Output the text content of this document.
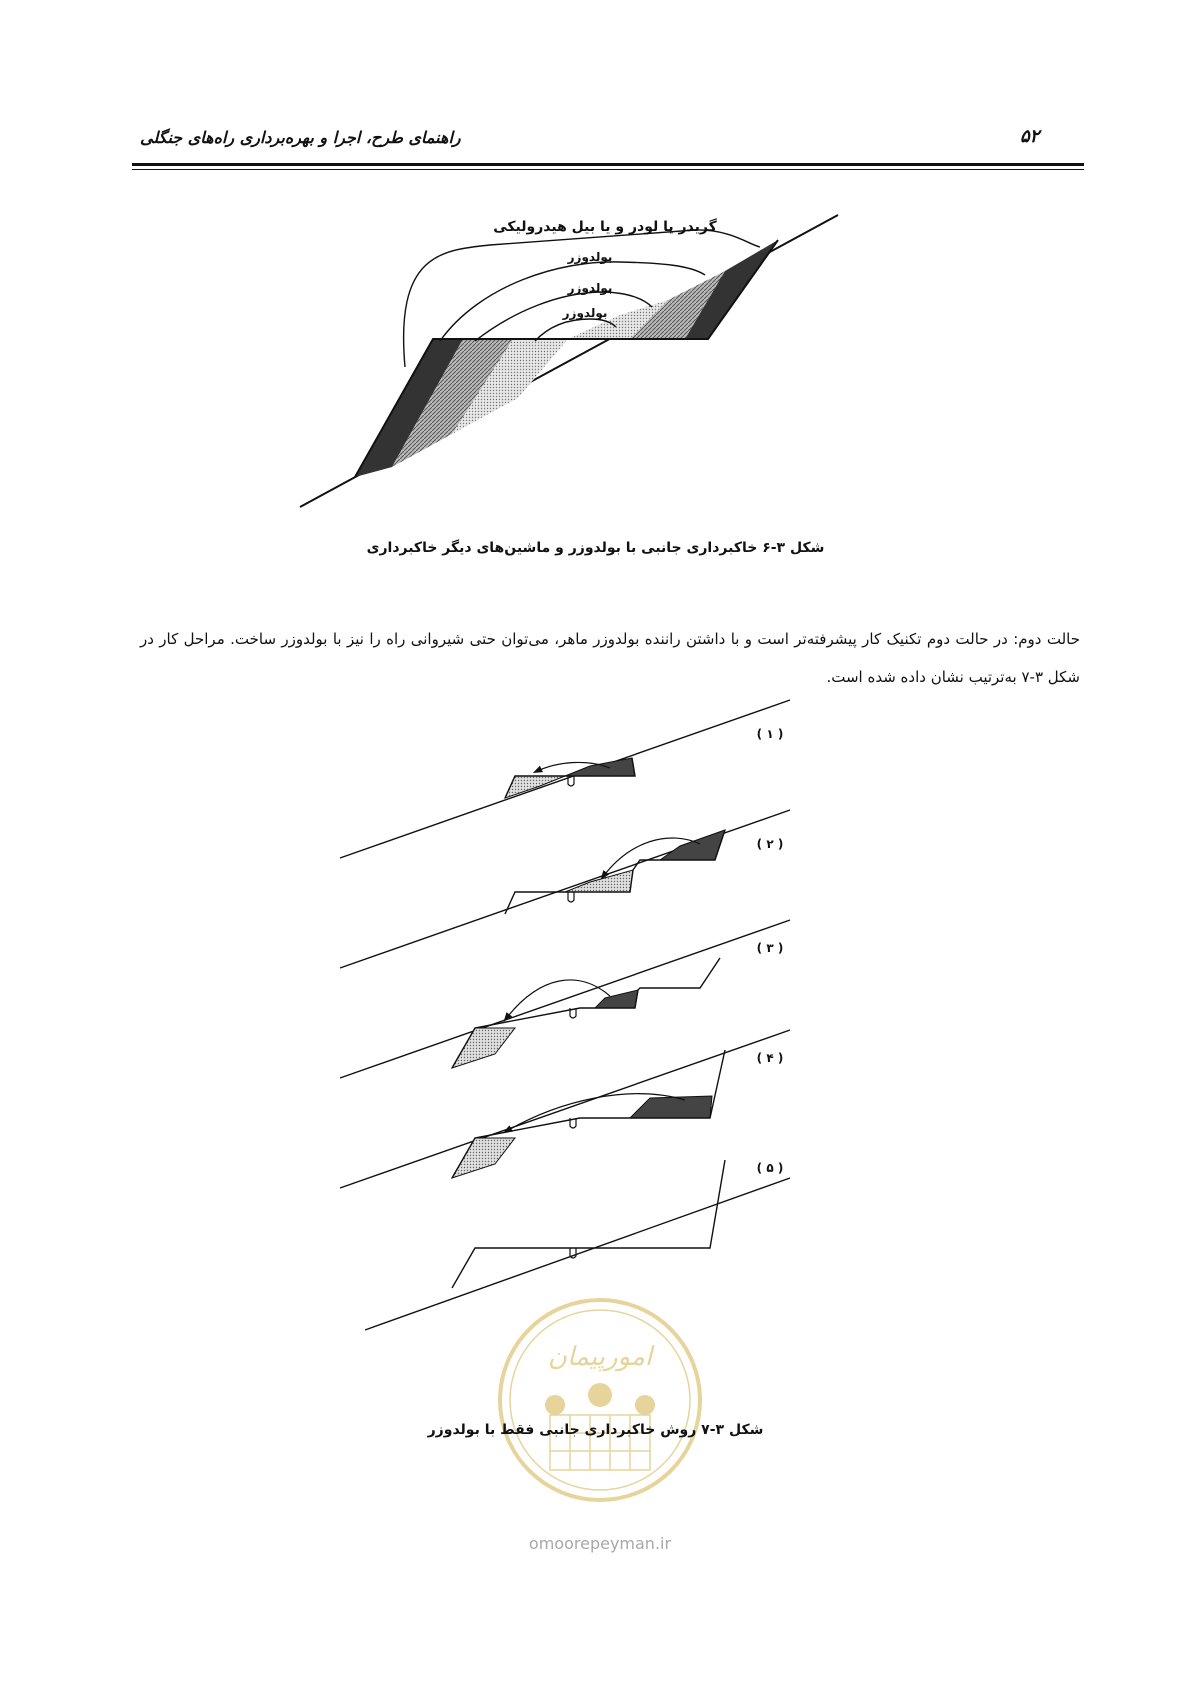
۵۲
راهنمای طرح، اجرا و بهره‌برداری راه‌های جنگلی
گریدر یا لودر و یا بیل هیدرولیکی
بولدوزر
بولدوزر
بولدوزر
شکل ۳-۶ خاکبرداری جانبی با بولدوزر و ماشین‌های دیگر خاکبرداری

حالت دوم: در حالت دوم تکنیک کار پیشرفته‌تر است و با داشتن راننده بولدوزر ماهر، می‌توان حتی شیروانی راه را نیز با بولدوزر ساخت. مراحل کار در شکل ۳-۷ به‌ترتیب نشان داده شده است.

( ۱ )
( ۲ )
( ۳ )
( ۴ )
( ۵ )
امورپیمان
omoorepeyman.ir
شکل ۳-۷ روش خاکبرداری جانبی فقط با بولدوزر
